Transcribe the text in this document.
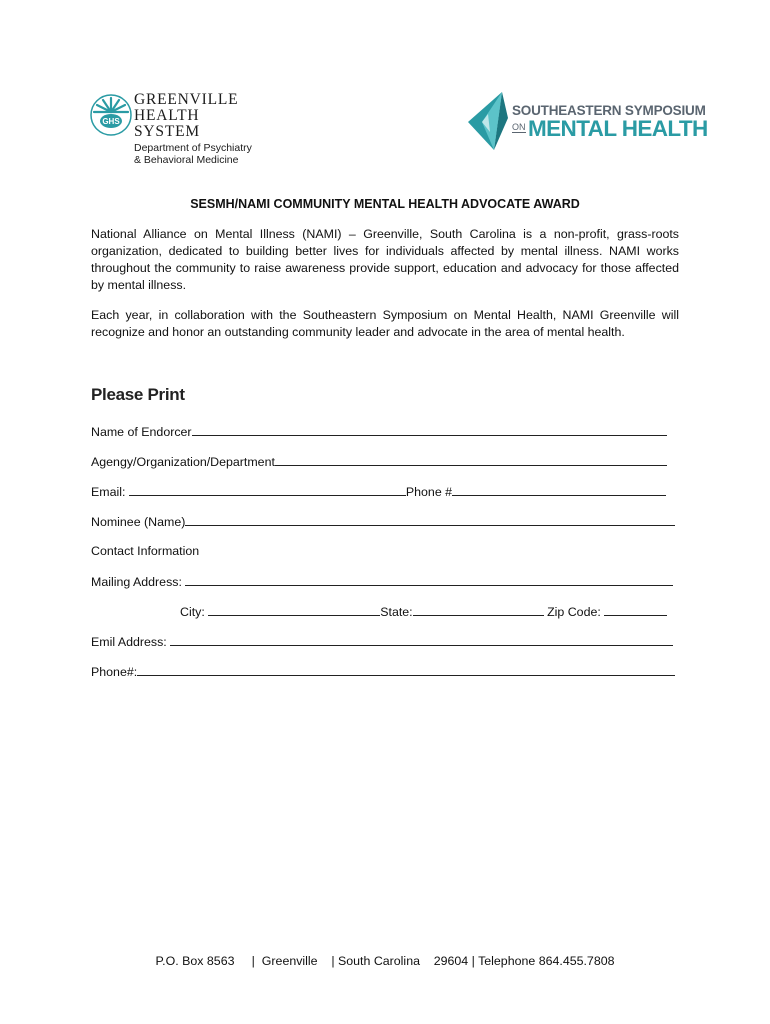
GHS
GREENVILLE
HEALTH SYSTEM
Department of Psychiatry
& Behavioral Medicine
SOUTHEASTERN SYMPOSIUM
ON MENTAL HEALTH
SESMH/NAMI COMMUNITY MENTAL HEALTH ADVOCATE AWARD
National Alliance on Mental Illness (NAMI) – Greenville, South Carolina is a non-profit, grass-roots organization, dedicated to building better lives for individuals affected by mental illness. NAMI works throughout the community to raise awareness provide support, education and advocacy for those affected by mental illness.
Each year, in collaboration with the Southeastern Symposium on Mental Health, NAMI Greenville will recognize and honor an outstanding community leader and advocate in the area of mental health.
Please Print
Name of Endorcer
Agengy/Organization/Department
Email:	Phone #
Nominee (Name)
Contact Information
Mailing Address:
City:	State:	Zip Code:
Emil Address:
Phone#:
P.O. Box 8563     |  Greenville    | South Carolina    29604 | Telephone 864.455.7808
